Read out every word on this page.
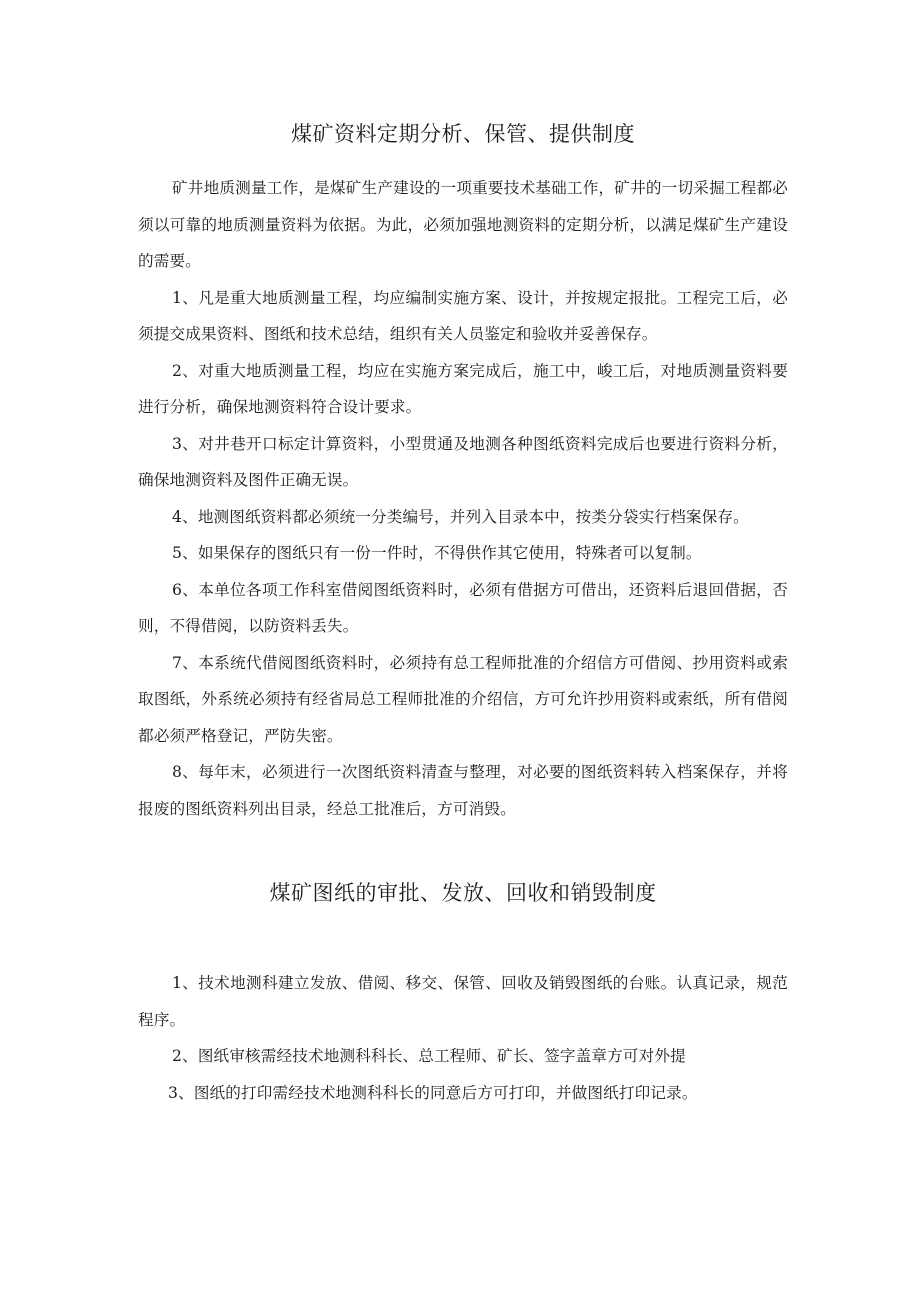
煤矿资料定期分析、保管、提供制度

矿井地质测量工作，是煤矿生产建设的一项重要技术基础工作，矿井的一切采掘工程都必须以可靠的地质测量资料为依据。为此，必须加强地测资料的定期分析，以满足煤矿生产建设的需要。

1、凡是重大地质测量工程，均应编制实施方案、设计，并按规定报批。工程完工后，必须提交成果资料、图纸和技术总结，组织有关人员鉴定和验收并妥善保存。

2、对重大地质测量工程，均应在实施方案完成后，施工中，峻工后，对地质测量资料要进行分析，确保地测资料符合设计要求。

3、对井巷开口标定计算资料，小型贯通及地测各种图纸资料完成后也要进行资料分析，确保地测资料及图件正确无误。

4、地测图纸资料都必须统一分类编号，并列入目录本中，按类分袋实行档案保存。

5、如果保存的图纸只有一份一件时，不得供作其它使用，特殊者可以复制。

6、本单位各项工作科室借阅图纸资料时，必须有借据方可借出，还资料后退回借据，否则，不得借阅，以防资料丢失。

7、本系统代借阅图纸资料时，必须持有总工程师批准的介绍信方可借阅、抄用资料或索取图纸，外系统必须持有经省局总工程师批准的介绍信，方可允许抄用资料或索纸，所有借阅都必须严格登记，严防失密。

8、每年末，必须进行一次图纸资料清查与整理，对必要的图纸资料转入档案保存，并将报废的图纸资料列出目录，经总工批准后，方可消毁。

煤矿图纸的审批、发放、回收和销毁制度

1、技术地测科建立发放、借阅、移交、保管、回收及销毁图纸的台账。认真记录，规范程序。

2、图纸审核需经技术地测科科长、总工程师、矿长、签字盖章方可对外提

3、图纸的打印需经技术地测科科长的同意后方可打印，并做图纸打印记录。
